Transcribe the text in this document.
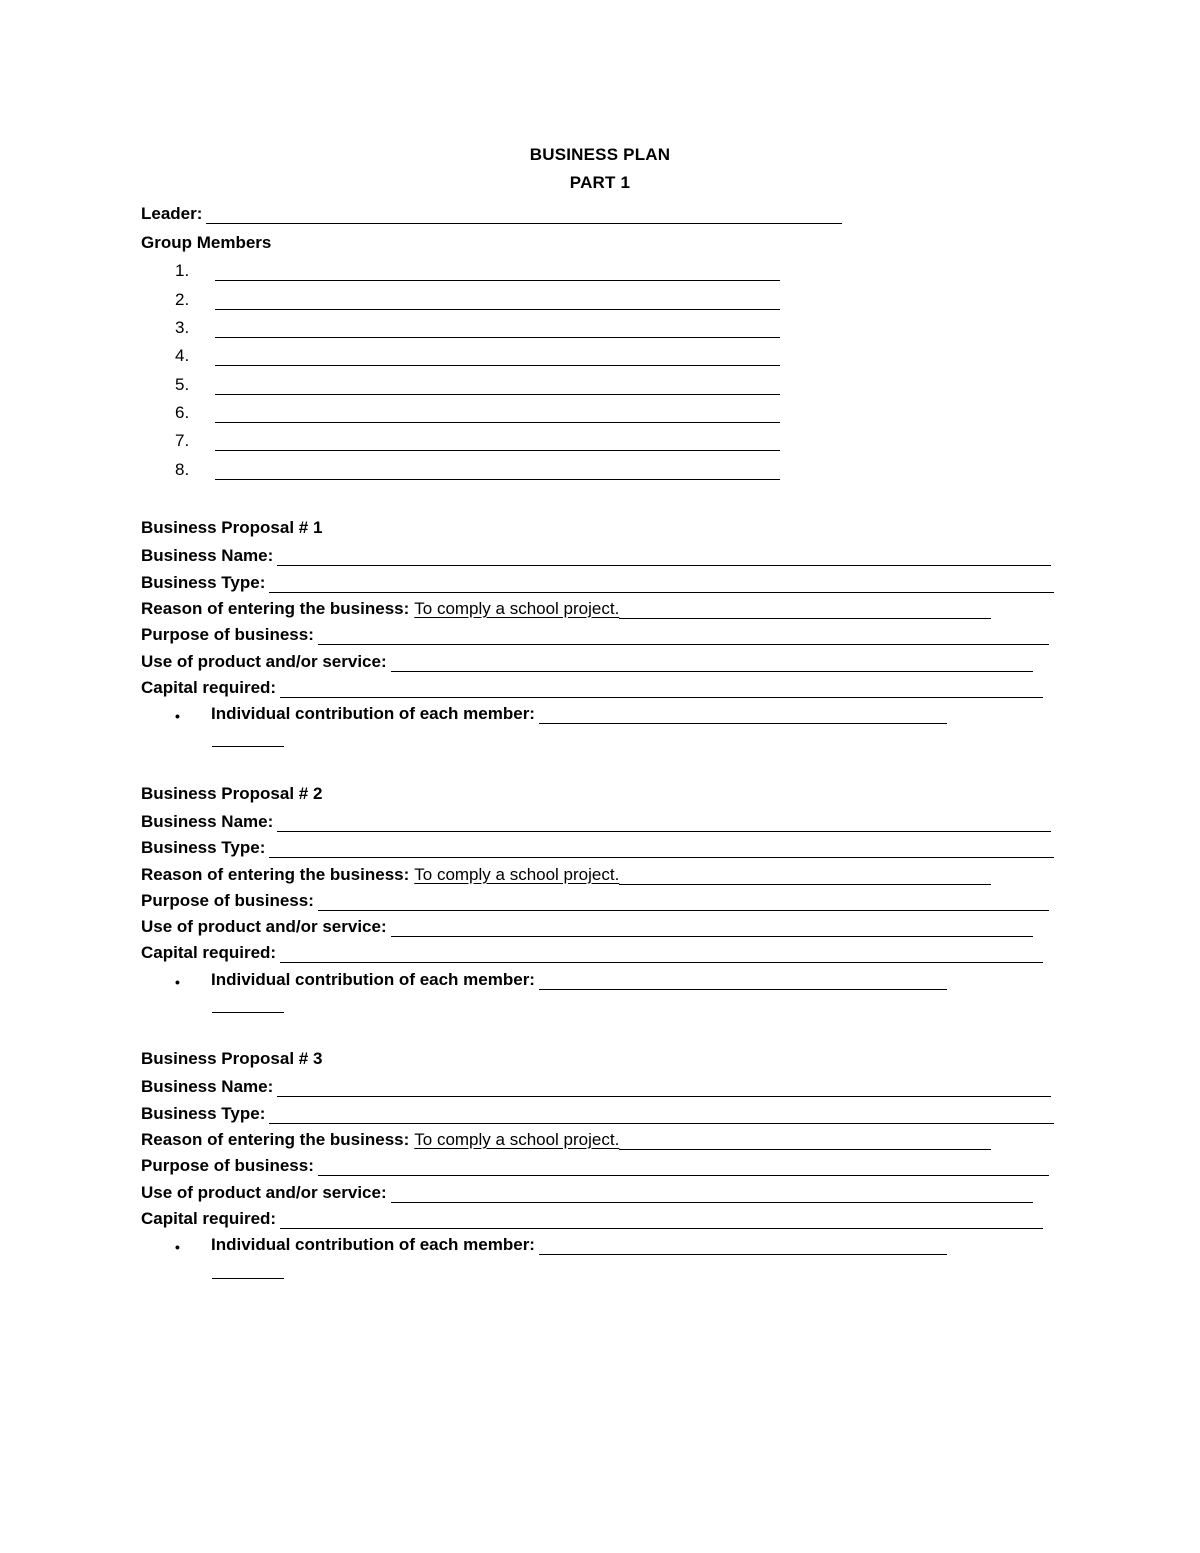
BUSINESS PLAN
PART 1
Leader:
Group Members
1.
2.
3.
4.
5.
6.
7.
8.
Business Proposal # 1
Business Name:
Business Type:
Reason of entering the business: To comply a school project.
Purpose of business:
Use of product and/or service:
Capital required:
•	Individual contribution of each member:
Business Proposal # 2
Business Name:
Business Type:
Reason of entering the business: To comply a school project.
Purpose of business:
Use of product and/or service:
Capital required:
•	Individual contribution of each member:
Business Proposal # 3
Business Name:
Business Type:
Reason of entering the business: To comply a school project.
Purpose of business:
Use of product and/or service:
Capital required:
•	Individual contribution of each member:
